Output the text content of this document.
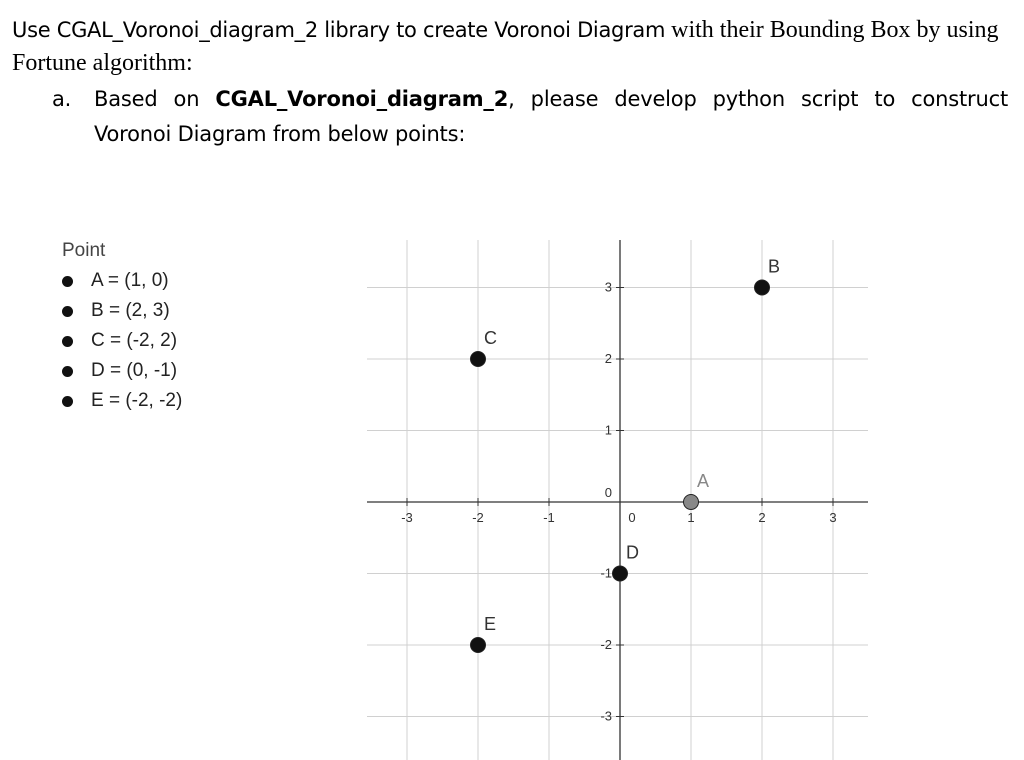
Use CGAL_Voronoi_diagram_2 library to create Voronoi Diagram with their Bounding Box by using Fortune algorithm:
a. Based on CGAL_Voronoi_diagram_2, please develop python script to construct Voronoi Diagram from below points:
Point
A = (1, 0)
B = (2, 3)
C = (-2, 2)
D = (0, -1)
E = (-2, -2)
-3	-2	-1	0	1	2	3
3
2
1
0
-1
-2
-3
A
B
C
D
E
